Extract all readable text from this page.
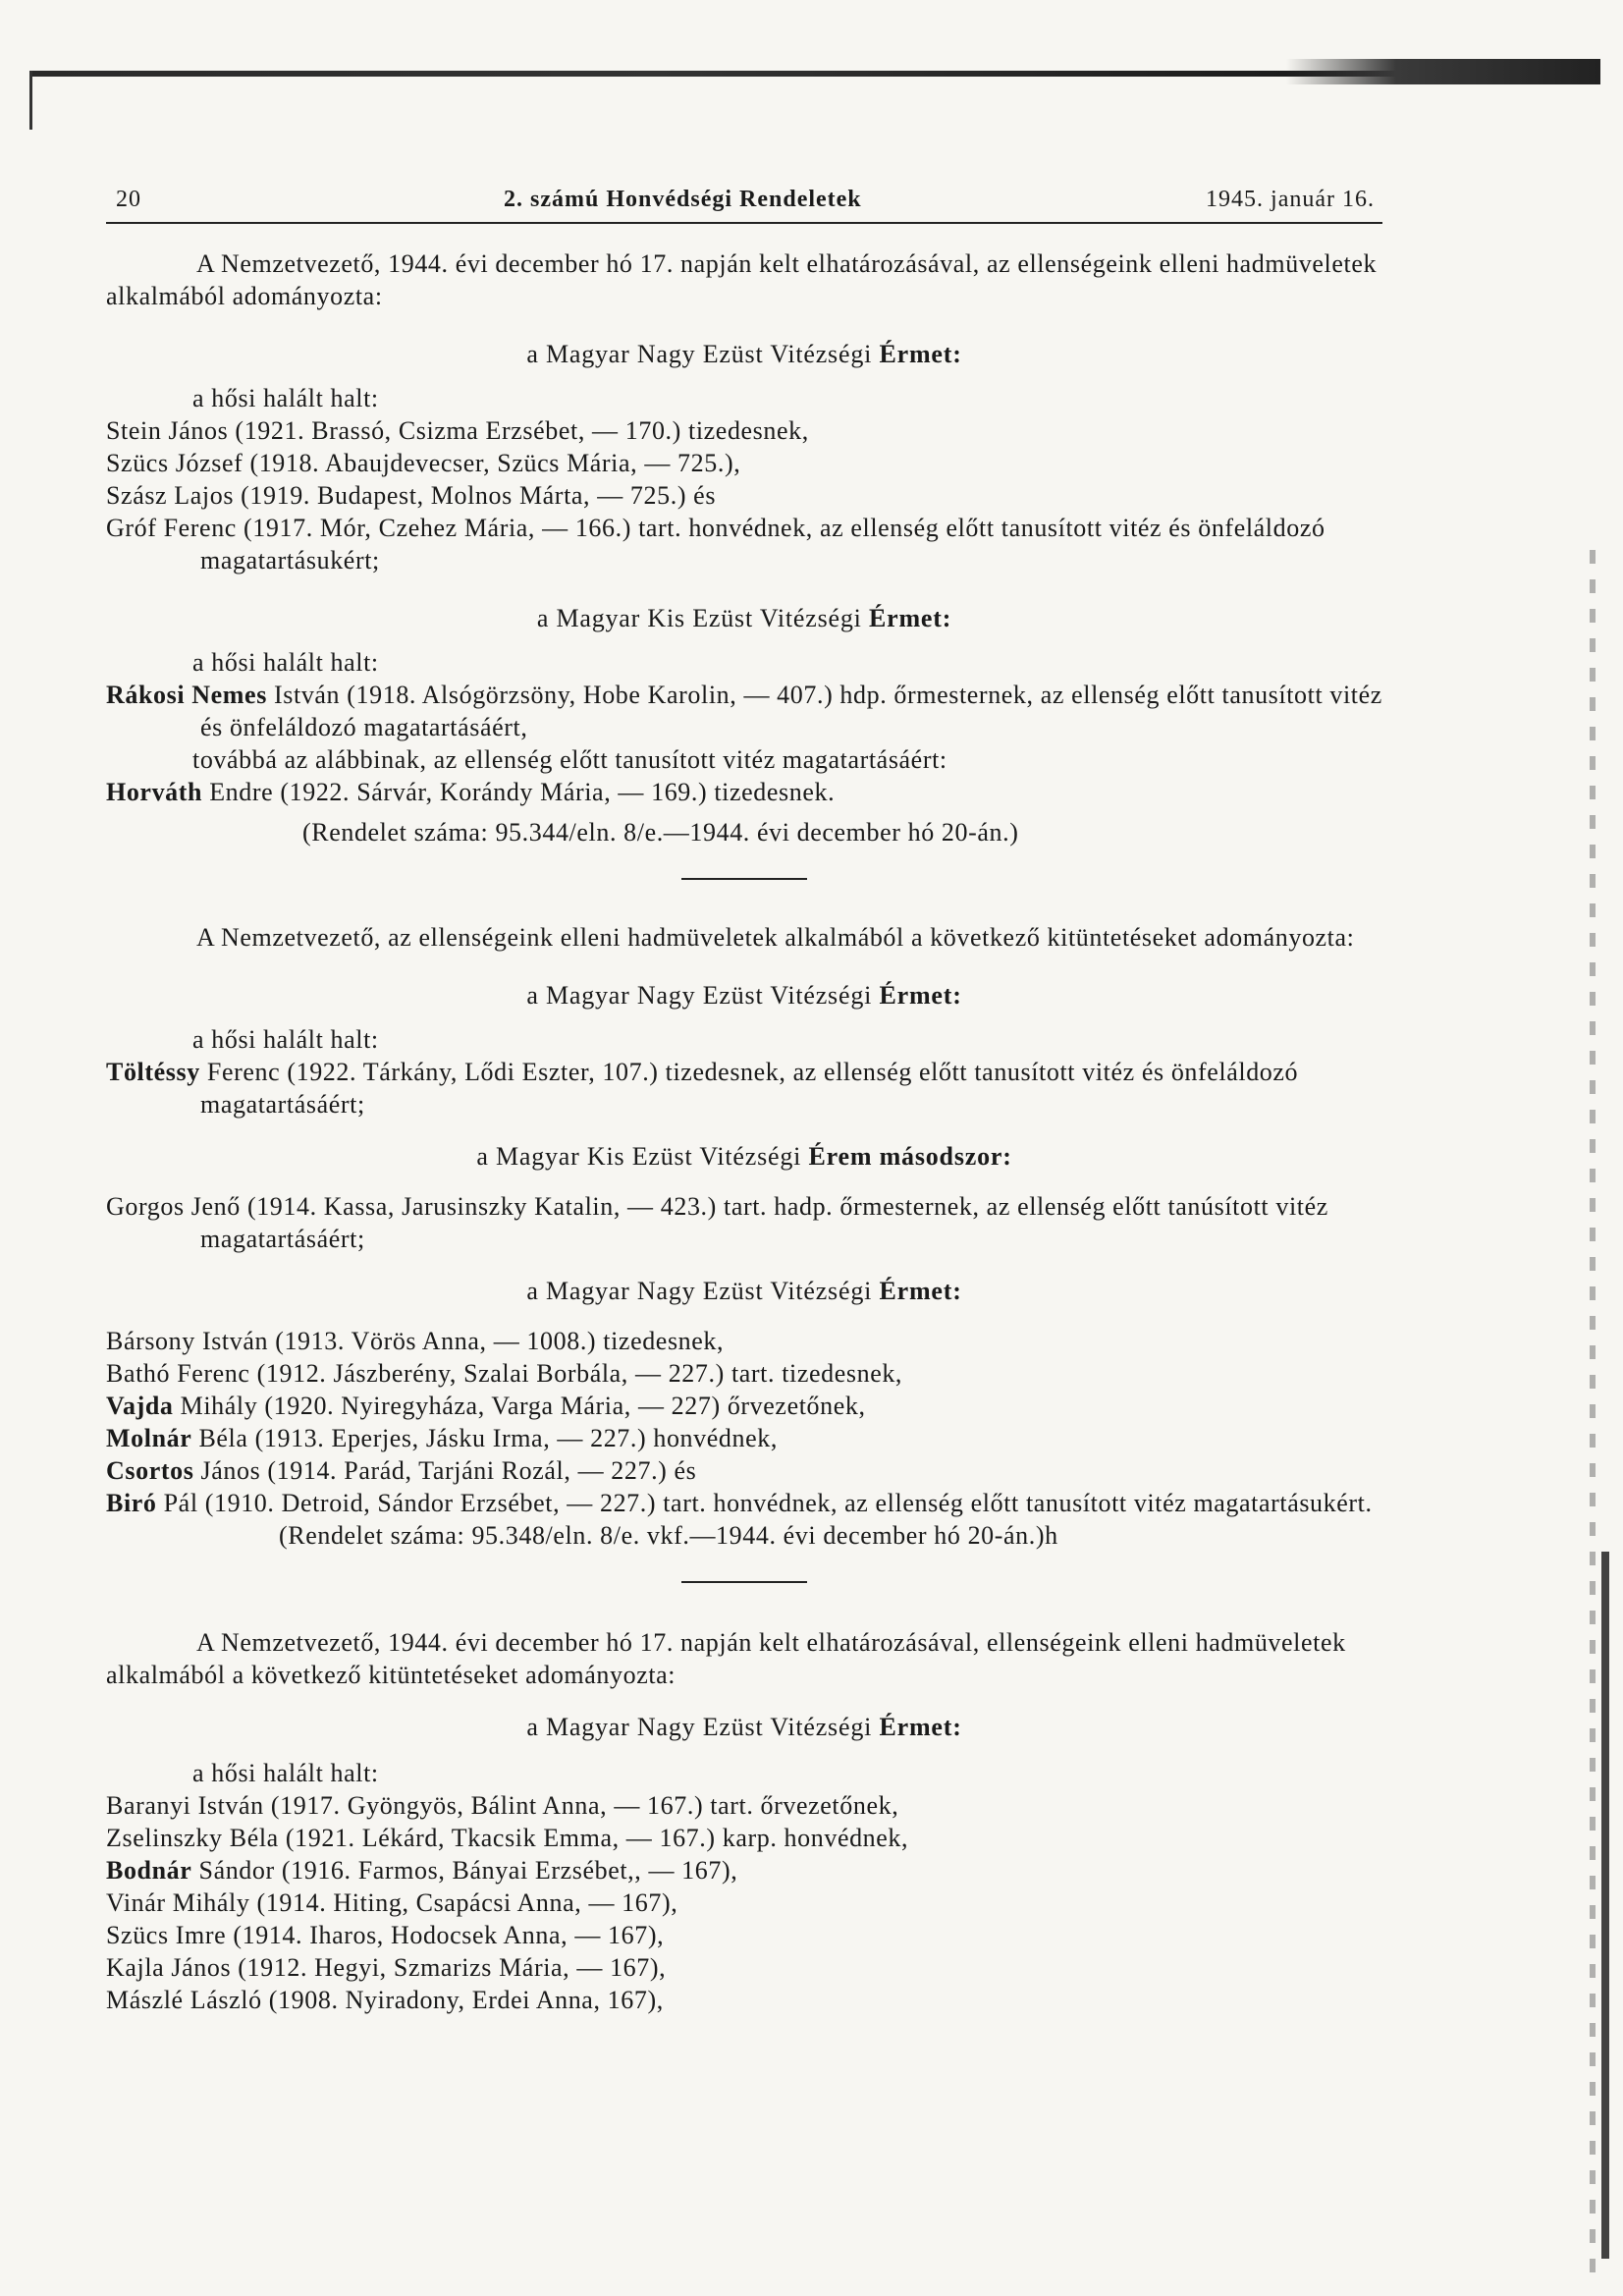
20	2. számú Honvédségi Rendeletek	1945. január 16.

A Nemzetvezető, 1944. évi december hó 17. napján kelt elhatározásával, az ellenségeink elleni hadmüveletek alkalmából adományozta:

a Magyar Nagy Ezüst Vitézségi Érmet:

a hősi halált halt:

Stein János (1921. Brassó, Csizma Erzsébet, — 170.) tizedesnek,

Szücs József (1918. Abaujdevecser, Szücs Mária, — 725.),

Szász Lajos (1919. Budapest, Molnos Márta, — 725.) és

Gróf Ferenc (1917. Mór, Czehez Mária, — 166.) tart. honvédnek, az ellenség előtt tanusított vitéz és önfeláldozó magatartásukért;

a Magyar Kis Ezüst Vitézségi Érmet:

a hősi halált halt:

Rákosi Nemes István (1918. Alsógörzsöny, Hobe Karolin, — 407.) hdp. őrmesternek, az ellenség előtt tanusított vitéz és önfeláldozó magatartásáért,

továbbá az alábbinak, az ellenség előtt tanusított vitéz magatartásáért:

Horváth Endre (1922. Sárvár, Korándy Mária, — 169.) tizedesnek.

(Rendelet száma: 95.344/eln. 8/e.—1944. évi december hó 20-án.)

A Nemzetvezető, az ellenségeink elleni hadmüveletek alkalmából a következő kitüntetéseket adományozta:

a Magyar Nagy Ezüst Vitézségi Érmet:

a hősi halált halt:

Töltéssy Ferenc (1922. Tárkány, Lődi Eszter, 107.) tizedesnek, az ellenség előtt tanusított vitéz és önfeláldozó magatartásáért;

a Magyar Kis Ezüst Vitézségi Érem másodszor:

Gorgos Jenő (1914. Kassa, Jarusinszky Katalin, — 423.) tart. hadp. őrmesternek, az ellenség előtt tanúsított vitéz magatartásáért;

a Magyar Nagy Ezüst Vitézségi Érmet:

Bársony István (1913. Vörös Anna, — 1008.) tizedesnek,

Bathó Ferenc (1912. Jászberény, Szalai Borbála, — 227.) tart. tizedesnek,

Vajda Mihály (1920. Nyiregyháza, Varga Mária, — 227) őrvezetőnek,

Molnár Béla (1913. Eperjes, Jásku Irma, — 227.) honvédnek,

Csortos János (1914. Parád, Tarjáni Rozál, — 227.) és

Biró Pál (1910. Detroid, Sándor Erzsébet, — 227.) tart. honvédnek, az ellenség előtt tanusított vitéz magatartásukért.

(Rendelet száma: 95.348/eln. 8/e. vkf.—1944. évi december hó 20-án.)h

A Nemzetvezető, 1944. évi december hó 17. napján kelt elhatározásával, ellenségeink elleni hadmüveletek alkalmából a következő kitüntetéseket adományozta:

a Magyar Nagy Ezüst Vitézségi Érmet:

a hősi halált halt:

Baranyi István (1917. Gyöngyös, Bálint Anna, — 167.) tart. őrvezetőnek,

Zselinszky Béla (1921. Lékárd, Tkacsik Emma, — 167.) karp. honvédnek,

Bodnár Sándor (1916. Farmos, Bányai Erzsébet,, — 167),

Vinár Mihály (1914. Hiting, Csapácsi Anna, — 167),

Szücs Imre (1914. Iharos, Hodocsek Anna, — 167),

Kajla János (1912. Hegyi, Szmarizs Mária, — 167),

Mászlé László (1908. Nyiradony, Erdei Anna, 167),
